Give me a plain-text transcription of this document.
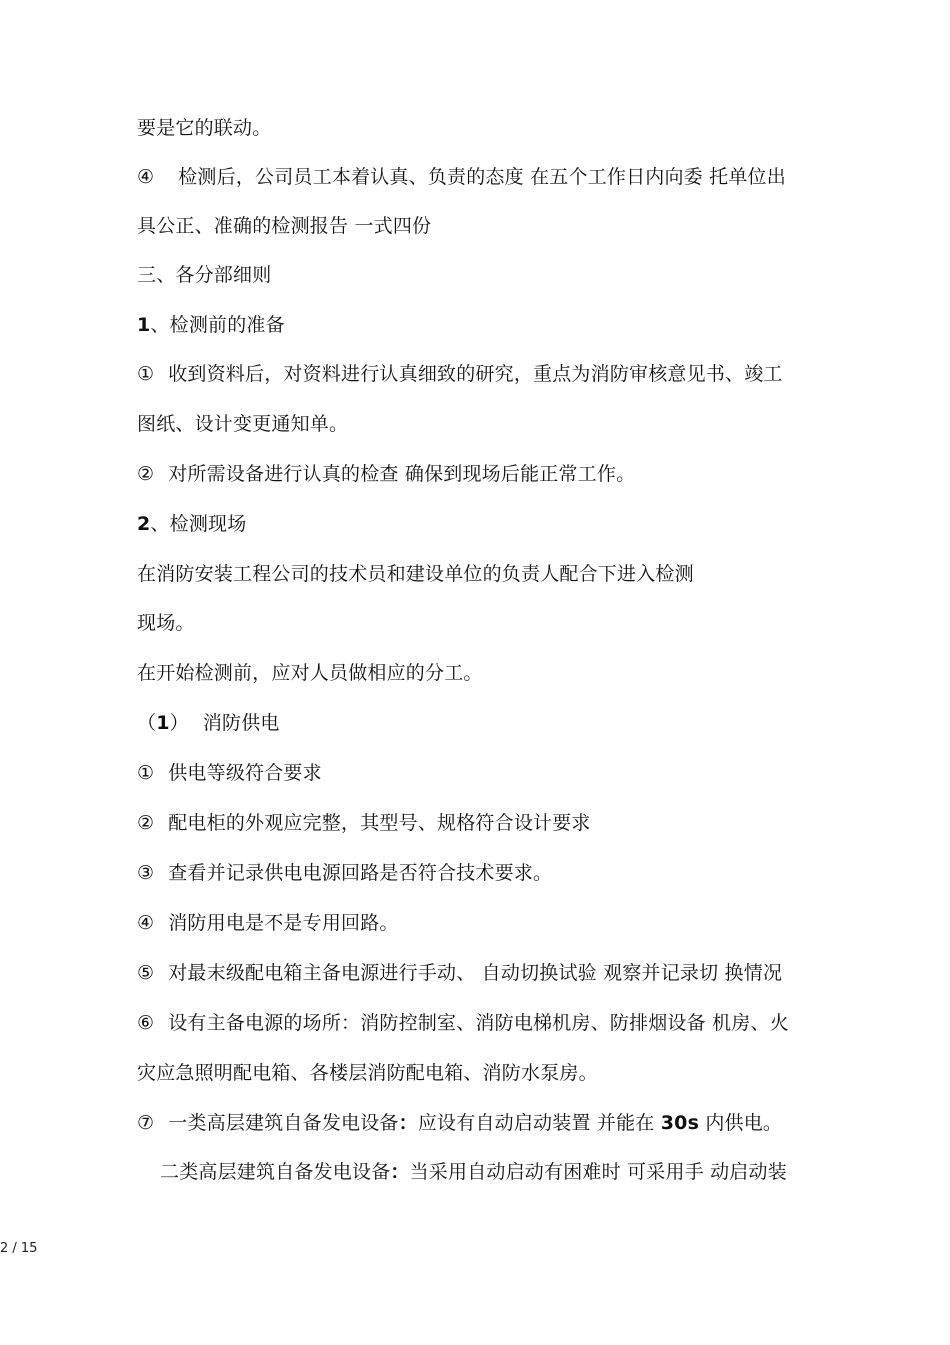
要是它的联动。
④ 检测后，公司员工本着认真、负责的态度 在五个工作日内向委 托单位出
具公正、准确的检测报告 一式四份
三、各分部细则
1、检测前的准备
① 收到资料后，对资料进行认真细致的研究，重点为消防审核意见书、竣工
图纸、设计变更通知单。
② 对所需设备进行认真的检查 确保到现场后能正常工作。
2、检测现场
在消防安装工程公司的技术员和建设单位的负责人配合下进入检测
现场。
在开始检测前，应对人员做相应的分工。
（1） 消防供电
① 供电等级符合要求
② 配电柜的外观应完整，其型号、规格符合设计要求
③ 查看并记录供电电源回路是否符合技术要求。
④ 消防用电是不是专用回路。
⑤ 对最末级配电箱主备电源进行手动、 自动切换试验 观察并记录切 换情况
⑥ 设有主备电源的场所：消防控制室、消防电梯机房、防排烟设备 机房、火
灾应急照明配电箱、各楼层消防配电箱、消防水泵房。
⑦ 一类高层建筑自备发电设备：应设有自动启动装置 并能在 30s 内供电。
二类高层建筑自备发电设备：当采用自动启动有困难时 可采用手 动启动装
2 / 15
